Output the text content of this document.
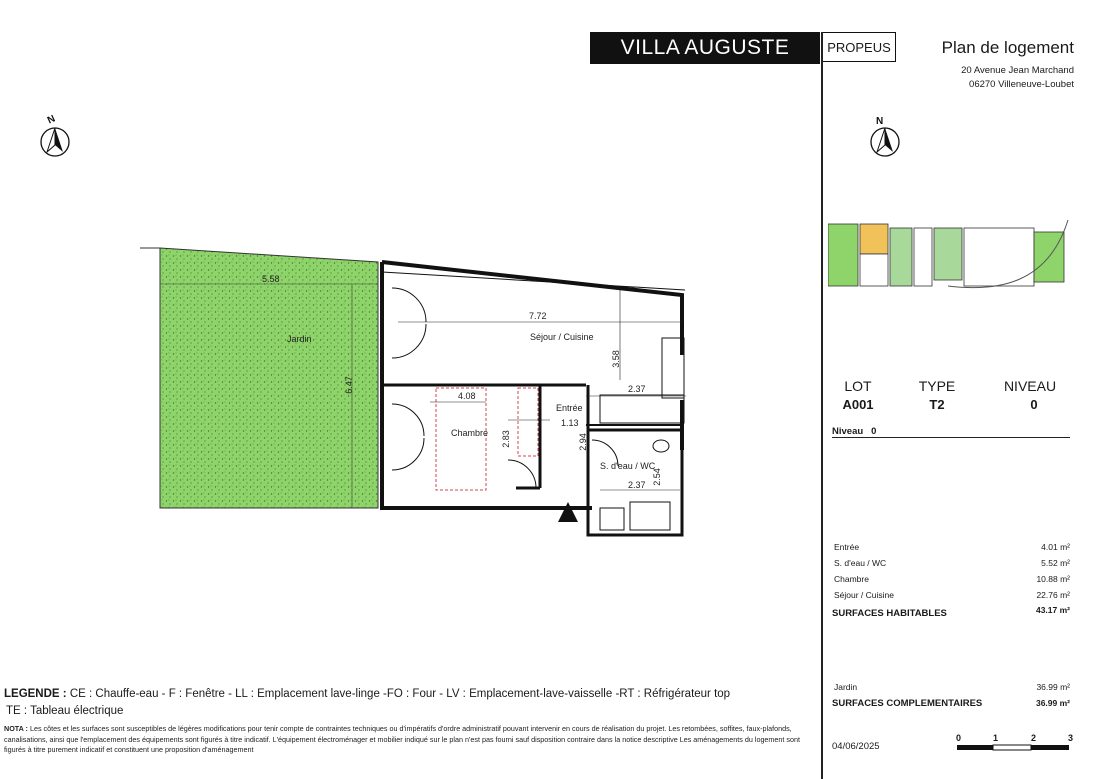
VILLA AUGUSTE	PROPEUS	Plan de logement
20 Avenue Jean Marchand
06270 Villeneuve-Loubet
N
Jardin	Séjour / Cuisine
Chambre
Entrée
S. d'eau / WC
5.58
7.72
3.58
2.37
4.08
1.13
2.83	2.94
2.37 2.54
6.47
N
LOT
A001
TYPE
T2
NIVEAU
0
Niveau   0
Entrée	4.01 m²
S. d'eau / WC	5.52 m²
Chambre	10.88 m²
Séjour / Cuisine	22.76 m²
SURFACES HABITABLES	43.17 m²
Jardin	36.99 m²
SURFACES COMPLEMENTAIRES	36.99 m²
LEGENDE : CE : Chauffe-eau - F : Fenêtre - LL : Emplacement lave-linge -FO : Four - LV : Emplacement-lave-vaisselle -RT : Réfrigérateur top
TE : Tableau électrique
NOTA : Les côtes et les surfaces sont susceptibles de légères modifications pour tenir compte de contraintes techniques ou d'impératifs d'ordre administratif pouvant intervenir en cours de réalisation du projet. Les retombées, soffites, faux-plafonds, canalisations, ainsi que l'emplacement des équipements sont figurés à titre indicatif. L'équipement électroménager et mobilier indiqué sur le plan n'est pas fourni sauf disposition contraire dans la notice descriptive Les aménagements du logement sont figurés à titre purement indicatif et constituent une proposition d'aménagement	04/06/2025
0	1	2	3
